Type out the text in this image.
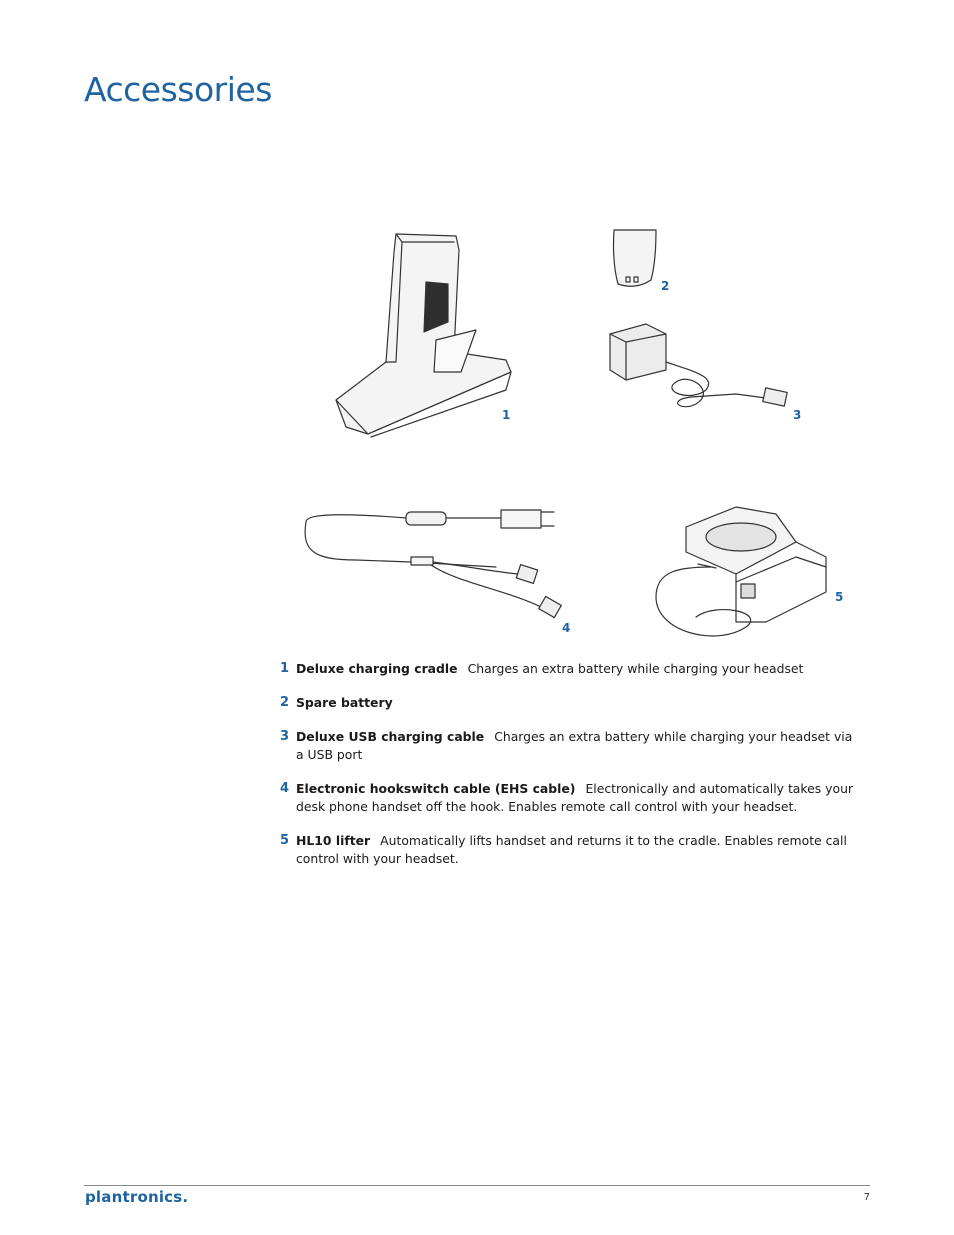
Accessories
1
2
3
4
5
1 Deluxe charging cradle Charges an extra battery while charging your headset
2 Spare battery
3 Deluxe USB charging cable Charges an extra battery while charging your headset via a USB port
4 Electronic hookswitch cable (EHS cable) Electronically and automatically takes your desk phone handset off the hook. Enables remote call control with your headset.
5 HL10 lifter Automatically lifts handset and returns it to the cradle. Enables remote call control with your headset.
plantronics.	7
